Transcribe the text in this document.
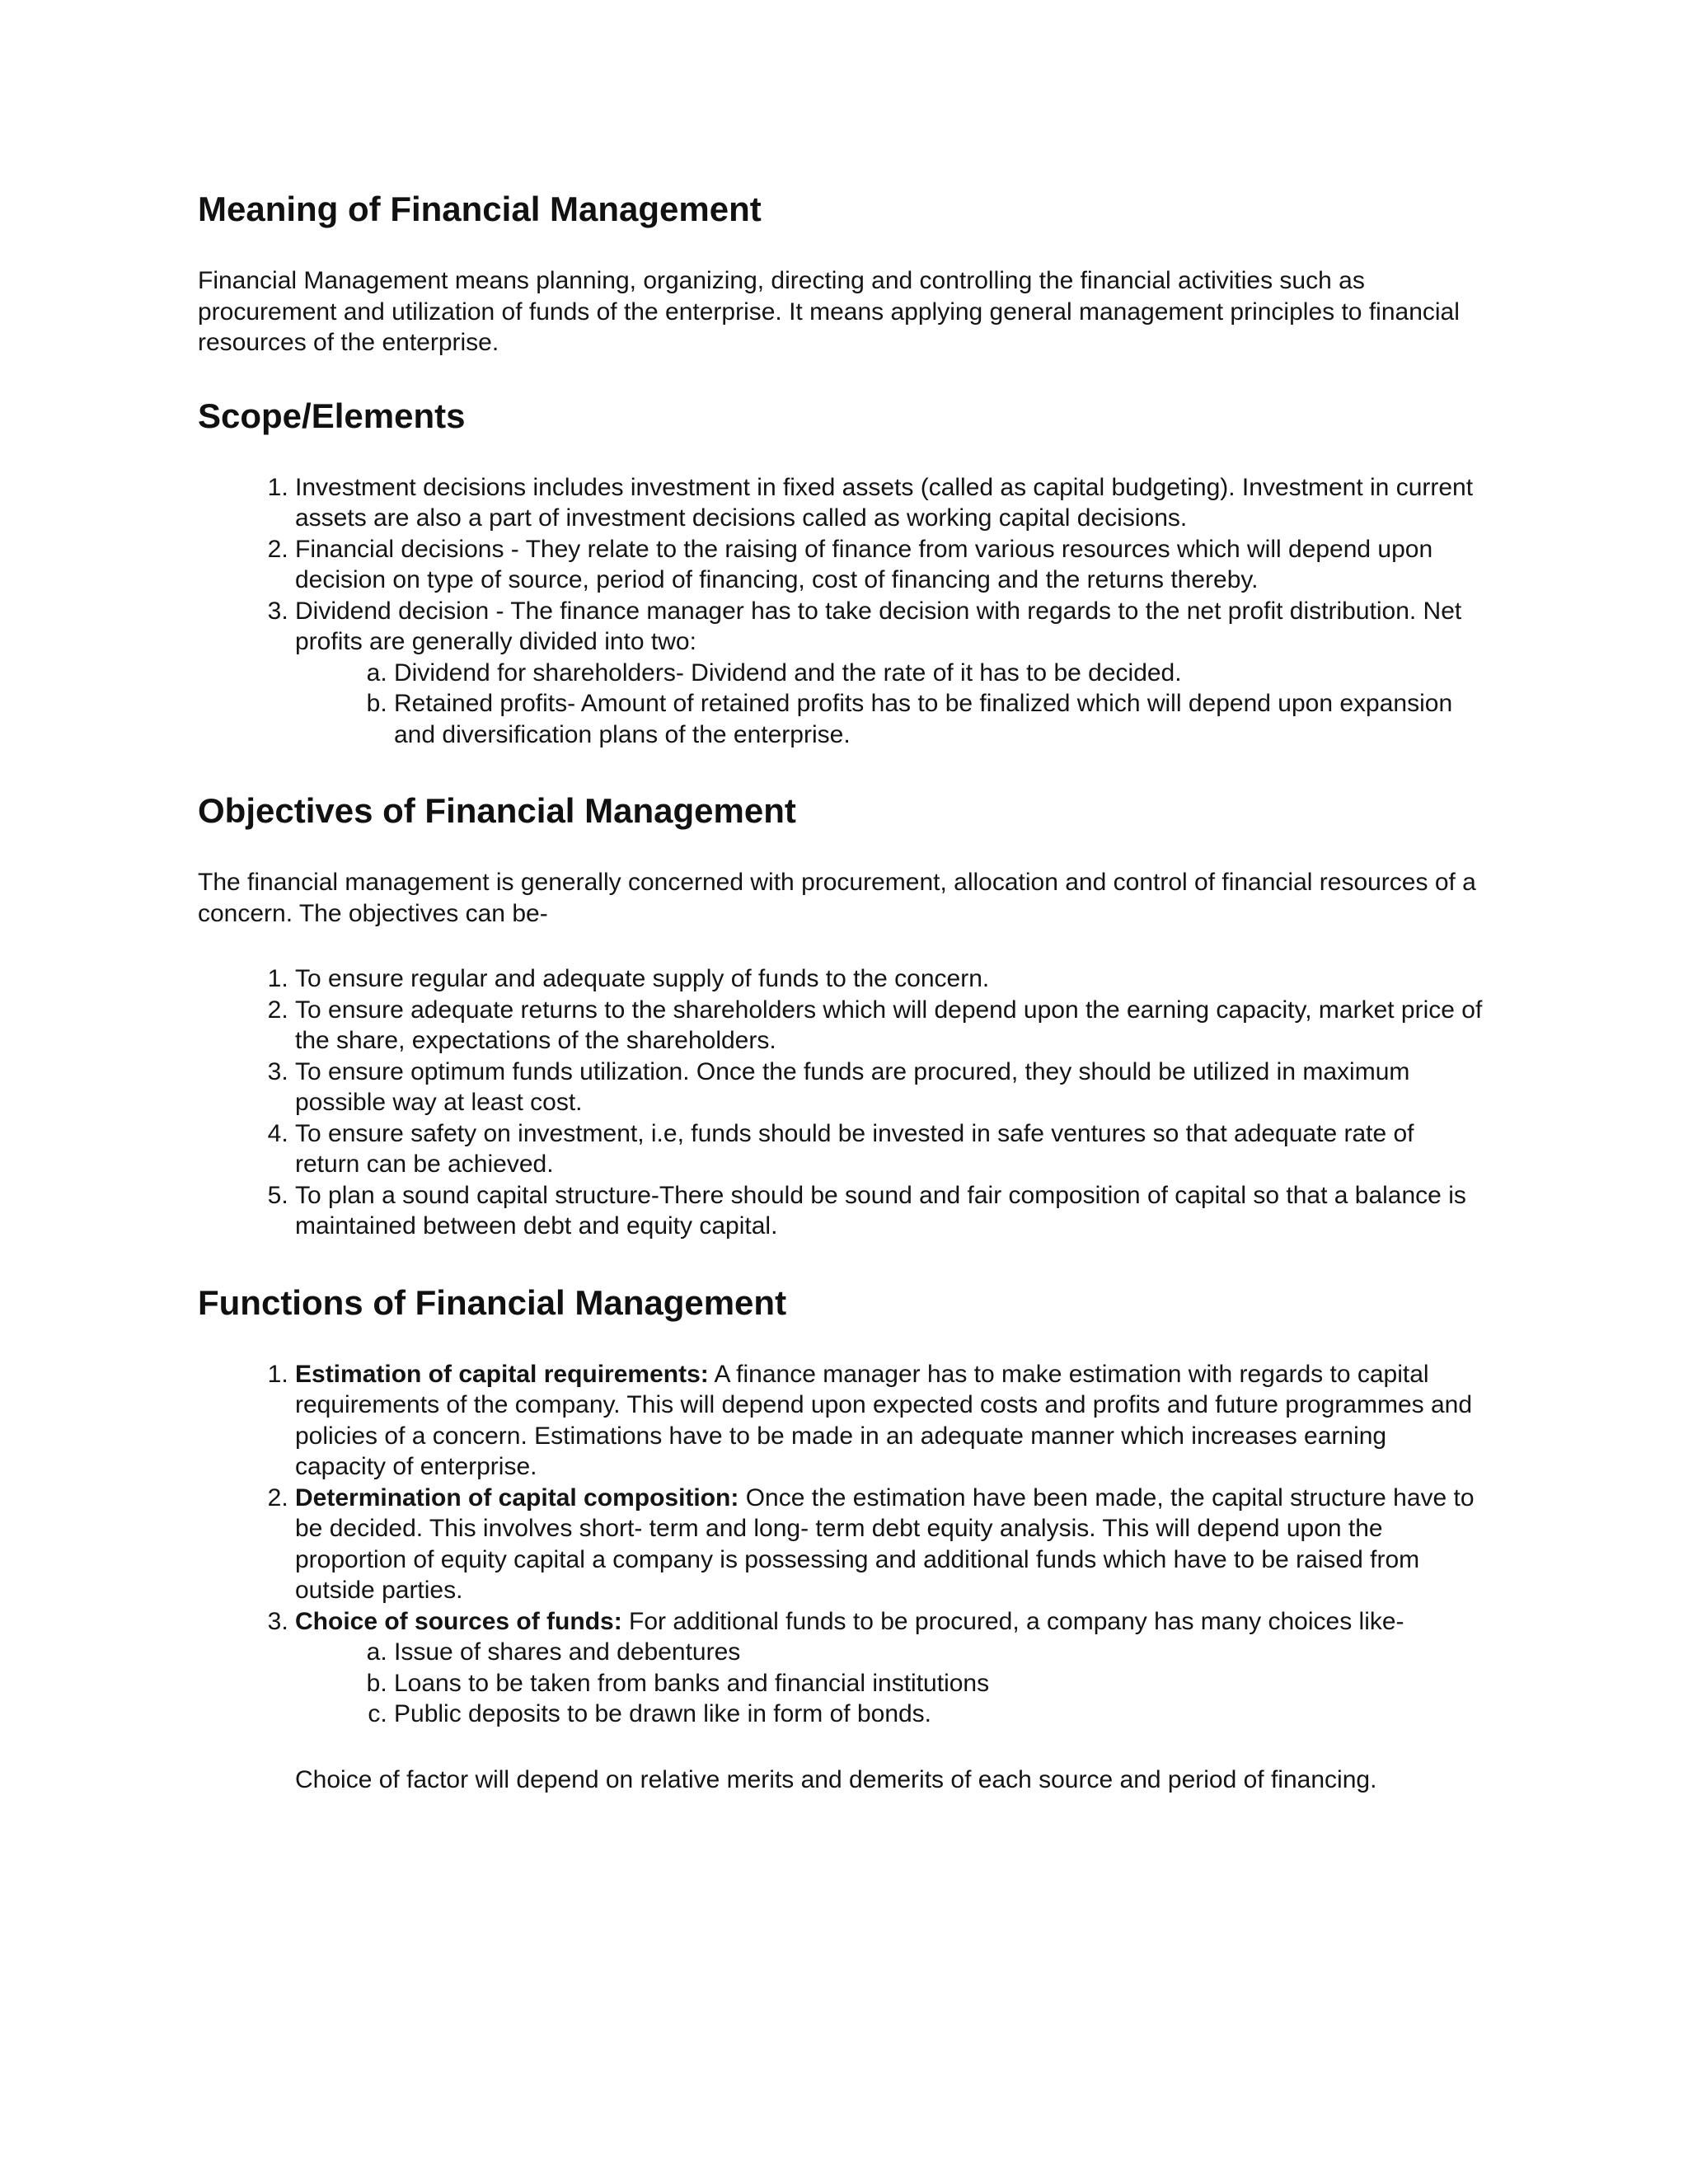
Meaning of Financial Management

Financial Management means planning, organizing, directing and controlling the financial activities such as procurement and utilization of funds of the enterprise. It means applying general management principles to financial resources of the enterprise.

Scope/Elements
1. Investment decisions includes investment in fixed assets (called as capital budgeting). Investment in current assets are also a part of investment decisions called as working capital decisions.
2. Financial decisions - They relate to the raising of finance from various resources which will depend upon decision on type of source, period of financing, cost of financing and the returns thereby.
3. Dividend decision - The finance manager has to take decision with regards to the net profit distribution. Net profits are generally divided into two:
a. Dividend for shareholders- Dividend and the rate of it has to be decided.
b. Retained profits- Amount of retained profits has to be finalized which will depend upon expansion and diversification plans of the enterprise.
Objectives of Financial Management

The financial management is generally concerned with procurement, allocation and control of financial resources of a concern. The objectives can be-

1. To ensure regular and adequate supply of funds to the concern.
2. To ensure adequate returns to the shareholders which will depend upon the earning capacity, market price of the share, expectations of the shareholders.
3. To ensure optimum funds utilization. Once the funds are procured, they should be utilized in maximum possible way at least cost.
4. To ensure safety on investment, i.e, funds should be invested in safe ventures so that adequate rate of return can be achieved.
5. To plan a sound capital structure-There should be sound and fair composition of capital so that a balance is maintained between debt and equity capital.
Functions of Financial Management
1. Estimation of capital requirements: A finance manager has to make estimation with regards to capital requirements of the company. This will depend upon expected costs and profits and future programmes and policies of a concern. Estimations have to be made in an adequate manner which increases earning capacity of enterprise.
2. Determination of capital composition: Once the estimation have been made, the capital structure have to be decided. This involves short- term and long- term debt equity analysis. This will depend upon the proportion of equity capital a company is possessing and additional funds which have to be raised from outside parties.
3. Choice of sources of funds: For additional funds to be procured, a company has many choices like-
a. Issue of shares and debentures
b. Loans to be taken from banks and financial institutions
c. Public deposits to be drawn like in form of bonds.

Choice of factor will depend on relative merits and demerits of each source and period of financing.
